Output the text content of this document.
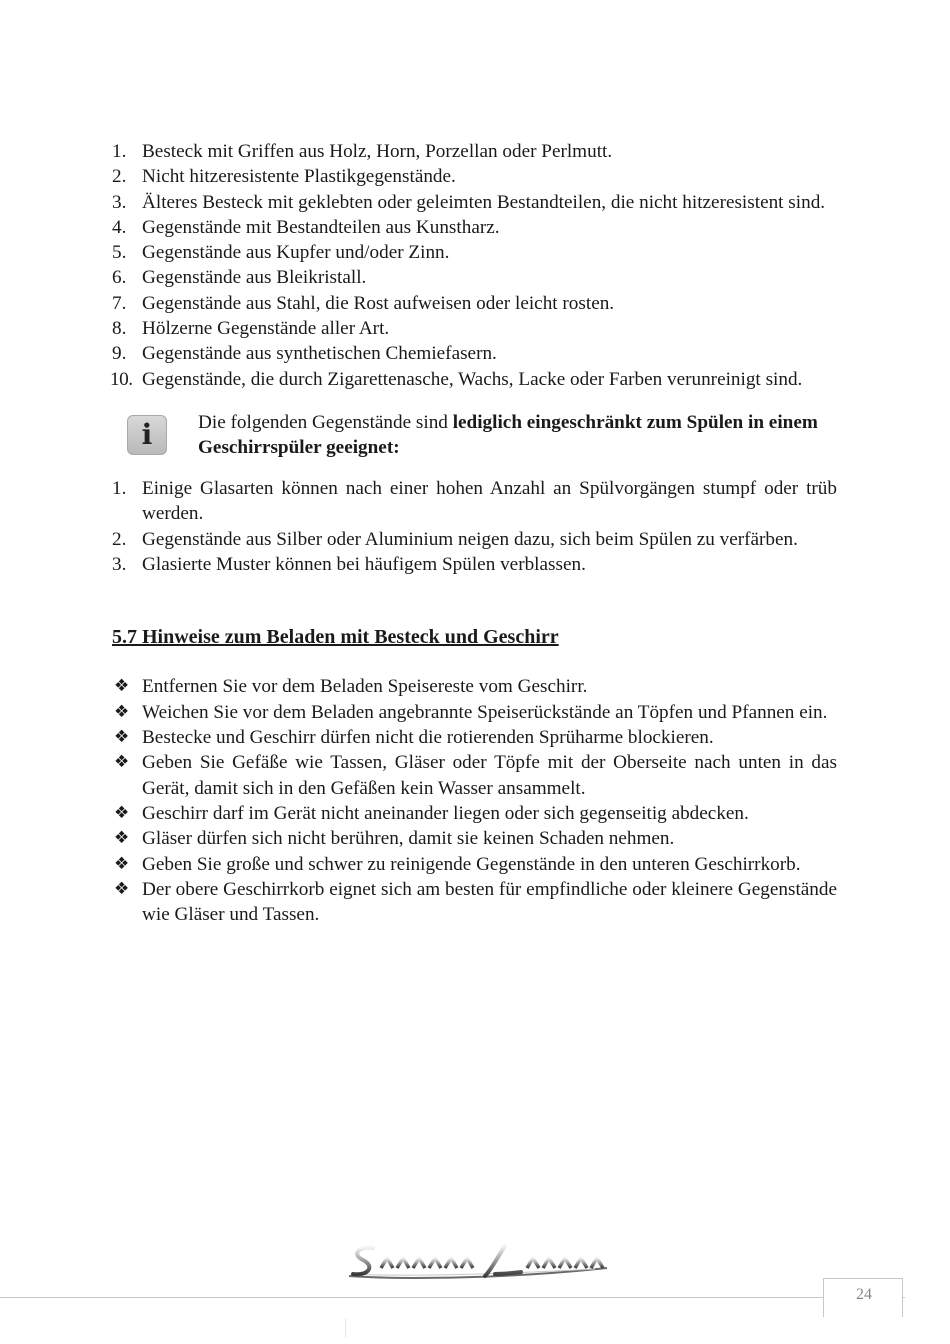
1. Besteck mit Griffen aus Holz, Horn, Porzellan oder Perlmutt.
2. Nicht hitzeresistente Plastikgegenstände.
3. Älteres Besteck mit geklebten oder geleimten Bestandteilen, die nicht hitzeresistent sind.
4. Gegenstände mit Bestandteilen aus Kunstharz.
5. Gegenstände aus Kupfer und/oder Zinn.
6. Gegenstände aus Bleikristall.
7. Gegenstände aus Stahl, die Rost aufweisen oder leicht rosten.
8. Hölzerne Gegenstände aller Art.
9. Gegenstände aus synthetischen Chemiefasern.
10. Gegenstände, die durch Zigarettenasche, Wachs, Lacke oder Farben verunreinigt sind.
i Die folgenden Gegenstände sind lediglich eingeschränkt zum Spülen in einem Geschirrspüler geeignet:

1. Einige Glasarten können nach einer hohen Anzahl an Spülvorgängen stumpf oder trüb werden.
2. Gegenstände aus Silber oder Aluminium neigen dazu, sich beim Spülen zu verfärben.
3. Glasierte Muster können bei häufigem Spülen verblassen.
5.7 Hinweise zum Beladen mit Besteck und Geschirr
❖ Entfernen Sie vor dem Beladen Speisereste vom Geschirr.
❖ Weichen Sie vor dem Beladen angebrannte Speiserückstände an Töpfen und Pfannen ein.
❖ Bestecke und Geschirr dürfen nicht die rotierenden Sprüharme blockieren.
❖ Geben Sie Gefäße wie Tassen, Gläser oder Töpfe mit der Oberseite nach unten in das Gerät, damit sich in den Gefäßen kein Wasser ansammelt.
❖ Geschirr darf im Gerät nicht aneinander liegen oder sich gegenseitig abdecken.
❖ Gläser dürfen sich nicht berühren, damit sie keinen Schaden nehmen.
❖ Geben Sie große und schwer zu reinigende Gegenstände in den unteren Geschirrkorb.
❖ Der obere Geschirrkorb eignet sich am besten für empfindliche oder kleinere Gegenstände wie Gläser und Tassen.
24
